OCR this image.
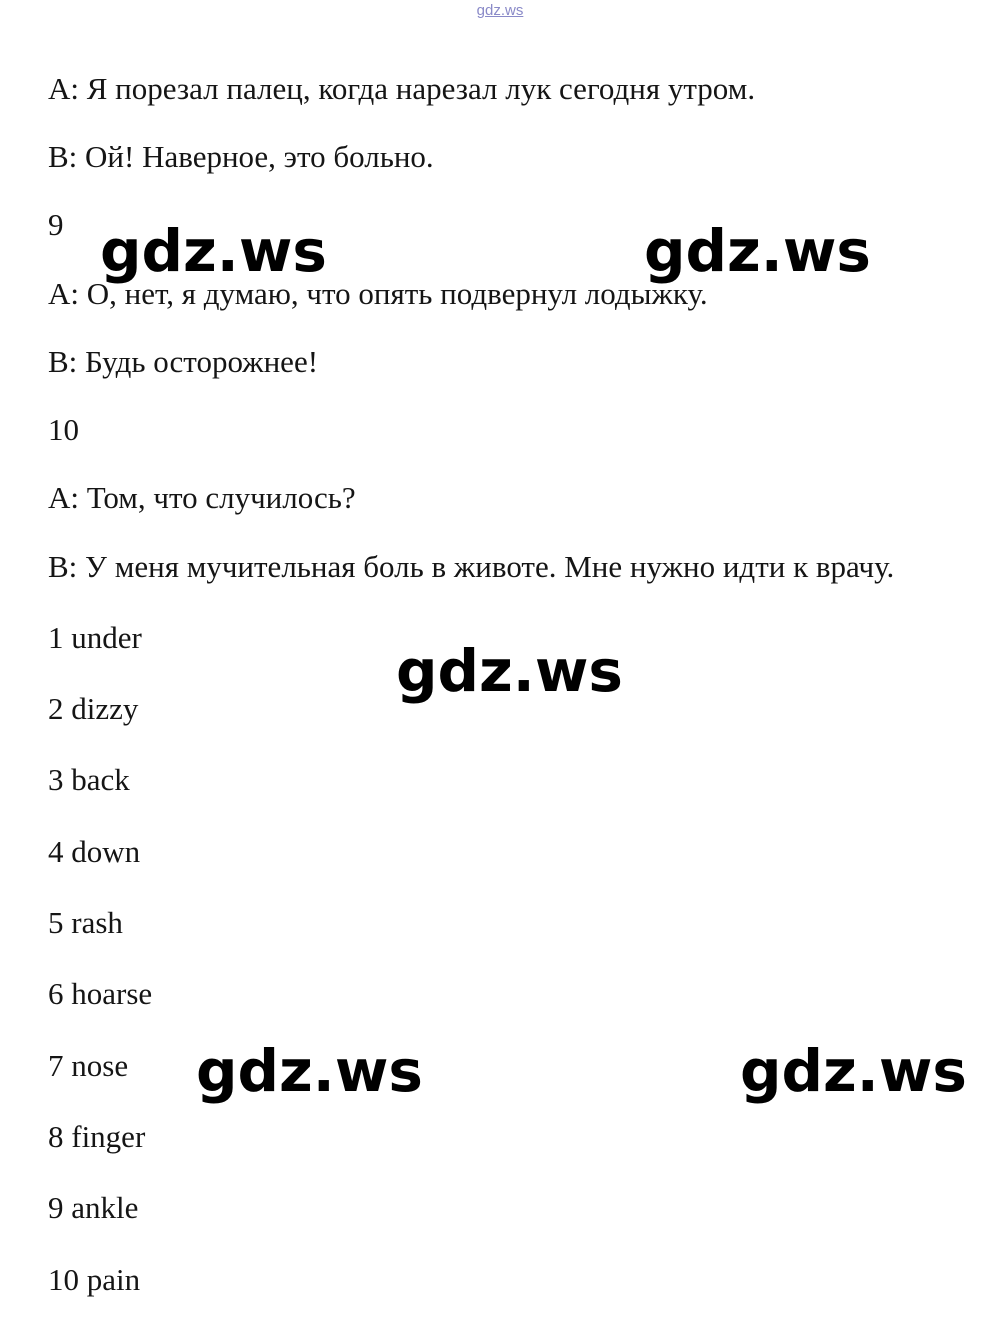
gdz.ws
A: Я порезал палец, когда нарезал лук сегодня утром.
B: Ой! Наверное, это больно.
9
A: О, нет, я думаю, что опять подвернул лодыжку.
B: Будь осторожнее!
10
A: Том, что случилось?
B: У меня мучительная боль в животе. Мне нужно идти к врачу.
1 under
2 dizzy
3 back
4 down
5 rash
6 hoarse
7 nose
8 finger
9 ankle
10 pain
gdz.ws	gdz.ws
gdz.ws
gdz.ws	gdz.ws
